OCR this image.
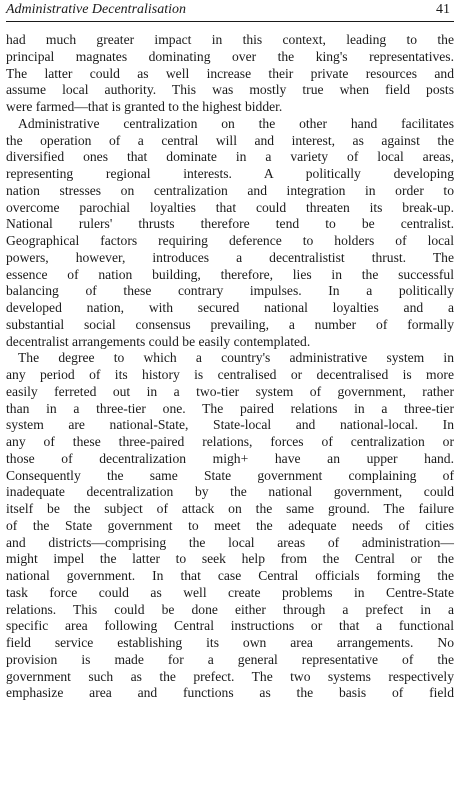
Administrative Decentralisation	41

had much greater impact in this context, leading to the
principal magnates dominating over the king's representatives.
The latter could as well increase their private resources and
assume local authority. This was mostly true when field posts
were farmed—that is granted to the highest bidder.

Administrative centralization on the other hand facilitates
the operation of a central will and interest, as against the
diversified ones that dominate in a variety of local areas,
representing regional interests. A politically developing
nation stresses on centralization and integration in order to
overcome parochial loyalties that could threaten its break-up.
National rulers' thrusts therefore tend to be centralist.
Geographical factors requiring deference to holders of local
powers, however, introduces a decentralistist thrust. The
essence of nation building, therefore, lies in the successful
balancing of these contrary impulses. In a politically
developed nation, with secured national loyalties and a
substantial social consensus prevailing, a number of formally
decentralist arrangements could be easily contemplated.

The degree to which a country's administrative system in
any period of its history is centralised or decentralised is more
easily ferreted out in a two-tier system of government, rather
than in a three-tier one. The paired relations in a three-tier
system are national-State, State-local and national-local. In
any of these three-paired relations, forces of centralization or
those of decentralization migh+ have an upper hand.
Consequently the same State government complaining of
inadequate decentralization by the national government, could
itself be the subject of attack on the same ground. The failure
of the State government to meet the adequate needs of cities
and districts—comprising the local areas of administration—
might impel the latter to seek help from the Central or the
national government. In that case Central officials forming the
task force could as well create problems in Centre-State
relations. This could be done either through a prefect in a
specific area following Central instructions or that a functional
field service establishing its own area arrangements. No
provision is made for a general representative of the
government such as the prefect. The two systems respectively
emphasize area and functions as the basis of field
